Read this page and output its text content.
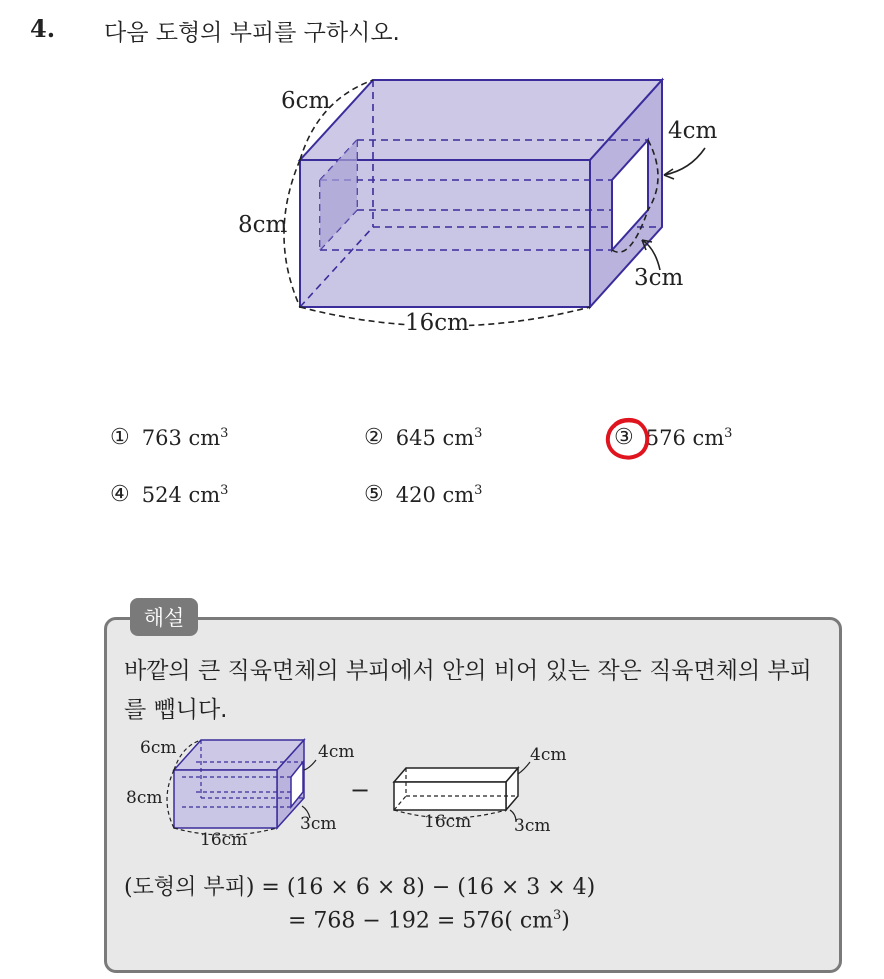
4. 다음 도형의 부피를 구하시오.
6cm
8cm
16cm
4cm
3cm
① 763 $cm^3$	② 645 $cm^3$	③ 576 $cm^3$
④ 524 $cm^3$	⑤ 420 $cm^3$
해설
바깥의 큰 직육면체의 부피에서 안의 비어 있는 작은 직육면체의 부피를 뺍니다.
6cm
8cm
16cm
4cm
3cm
−
4cm
16cm	3cm
(도형의 부피) = (16 × 6 × 8) − (16 × 3 × 4)
= 768 − 192 = 576( $cm^3$)
